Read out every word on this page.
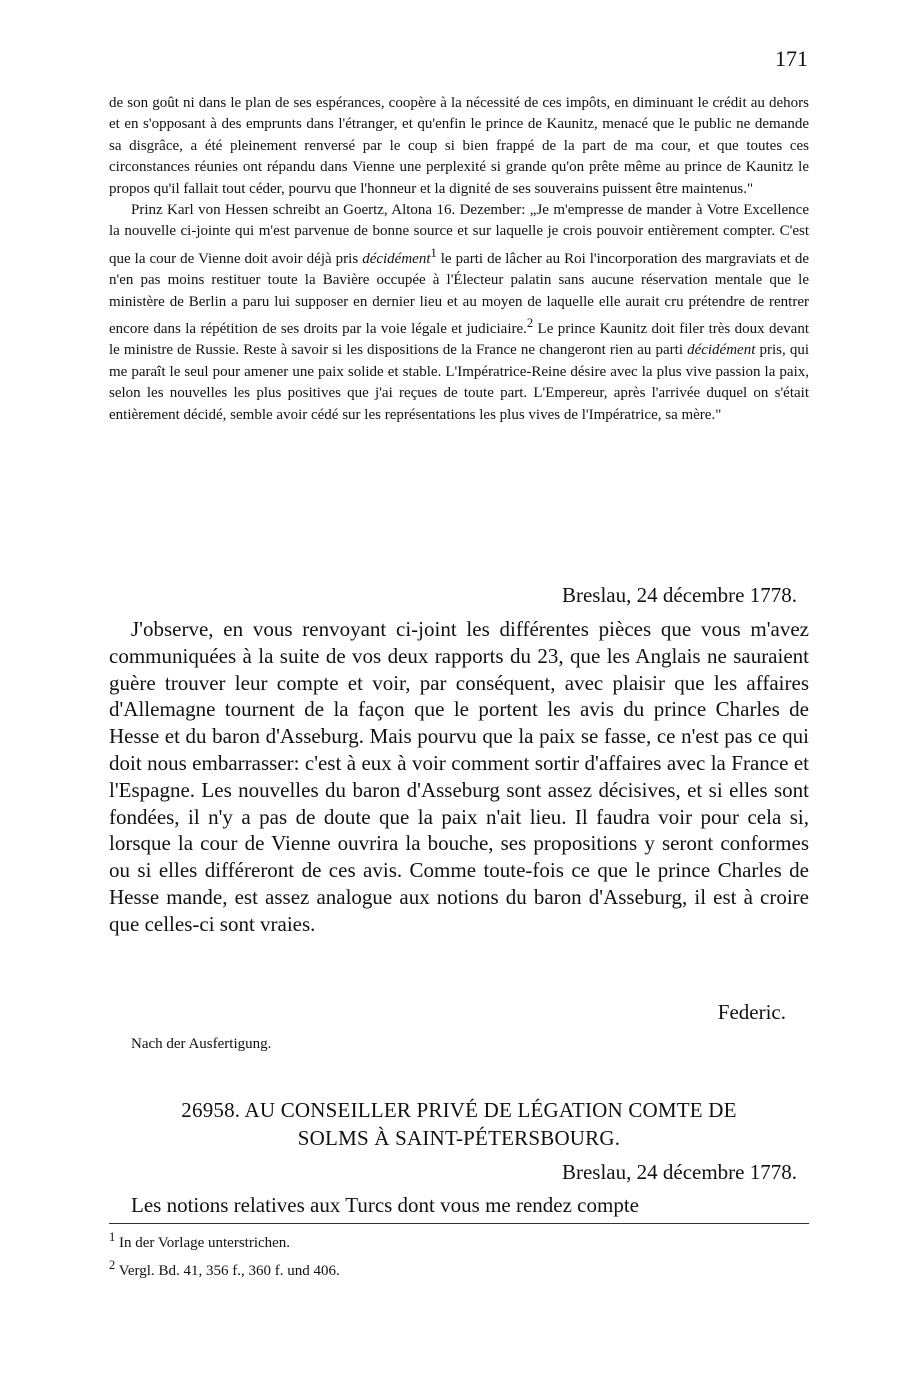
171

de son goût ni dans le plan de ses espérances, coopère à la nécessité de ces impôts, en diminuant le crédit au dehors et en s'opposant à des emprunts dans l'étranger, et qu'enfin le prince de Kaunitz, menacé que le public ne demande sa disgrâce, a été pleinement renversé par le coup si bien frappé de la part de ma cour, et que toutes ces circonstances réunies ont répandu dans Vienne une perplexité si grande qu'on prête même au prince de Kaunitz le propos qu'il fallait tout céder, pourvu que l'honneur et la dignité de ses souverains puissent être maintenus."

Prinz Karl von Hessen schreibt an Goertz, Altona 16. Dezember: „Je m'empresse de mander à Votre Excellence la nouvelle ci-jointe qui m'est parvenue de bonne source et sur laquelle je crois pouvoir entièrement compter. C'est que la cour de Vienne doit avoir déjà pris décidément$^1$ le parti de lâcher au Roi l'incorporation des margraviats et de n'en pas moins restituer toute la Bavière occupée à l'Électeur palatin sans aucune réservation mentale que le ministère de Berlin a paru lui supposer en dernier lieu et au moyen de laquelle elle aurait cru prétendre de rentrer encore dans la répétition de ses droits par la voie légale et judiciaire.$^2$ Le prince Kaunitz doit filer très doux devant le ministre de Russie. Reste à savoir si les dispositions de la France ne changeront rien au parti décidément pris, qui me paraît le seul pour amener une paix solide et stable. L'Impératrice-Reine désire avec la plus vive passion la paix, selon les nouvelles les plus positives que j'ai reçues de toute part. L'Empereur, après l'arrivée duquel on s'était entièrement décidé, semble avoir cédé sur les représentations les plus vives de l'Impératrice, sa mère."

Breslau, 24 décembre 1778.
J'observe, en vous renvoyant ci-joint les différentes pièces que vous m'avez communiquées à la suite de vos deux rapports du 23, que les Anglais ne sauraient guère trouver leur compte et voir, par conséquent, avec plaisir que les affaires d'Allemagne tournent de la façon que le portent les avis du prince Charles de Hesse et du baron d'Asseburg. Mais pourvu que la paix se fasse, ce n'est pas ce qui doit nous embarrasser: c'est à eux à voir comment sortir d'affaires avec la France et l'Espagne. Les nouvelles du baron d'Asseburg sont assez décisives, et si elles sont fondées, il n'y a pas de doute que la paix n'ait lieu. Il faudra voir pour cela si, lorsque la cour de Vienne ouvrira la bouche, ses propositions y seront conformes ou si elles différeront de ces avis. Comme toute-fois ce que le prince Charles de Hesse mande, est assez analogue aux notions du baron d'Asseburg, il est à croire que celles-ci sont vraies.
Federic.
Nach der Ausfertigung.
26958. AU CONSEILLER PRIVÉ DE LÉGATION COMTE DE
SOLMS À SAINT-PÉTERSBOURG.
Breslau, 24 décembre 1778.
Les notions relatives aux Turcs dont vous me rendez compte
$^1$ In der Vorlage unterstrichen.
$^2$ Vergl. Bd. 41, 356 f., 360 f. und 406.
